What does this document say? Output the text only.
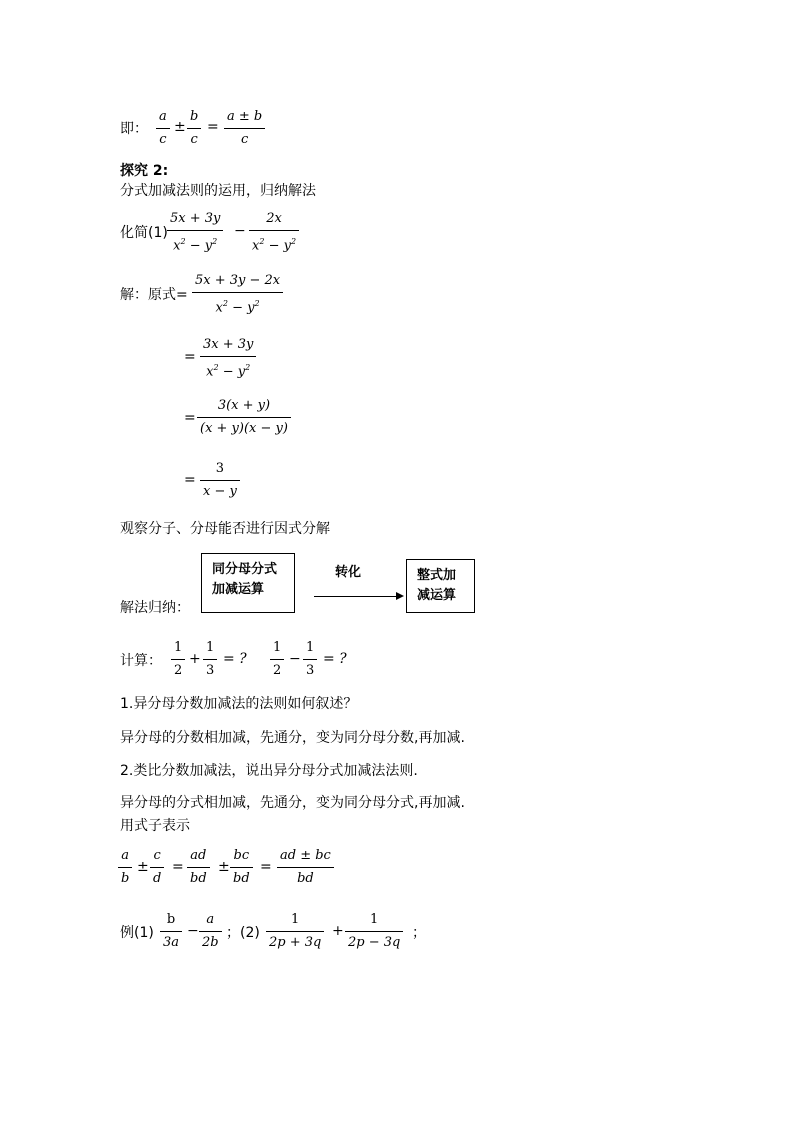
即：
a
c
±
b
c
=
a ± b
c
探究 2:
分式加减法则的运用，归纳解法
化简(1)
5x + 3y
$x^2 - y^2$
−
2x
$x^2 - y^2$
解：原式=
5x + 3y − 2x
$x^2 - y^2$
=
3x + 3y
$x^2 - y^2$
=
3(x + y)
(x + y)(x − y)
=
3
x − y
观察分子、分母能否进行因式分解
同分母分式
加减运算
转化	整式加
减运算
解法归纳：
计算：
1
2
+
1
3
= ?
1
2
−
1
3
= ?
1.异分母分数加减法的法则如何叙述？
异分母的分数相加减，先通分，变为同分母分数,再加减.
2.类比分数加减法，说出异分母分式加减法法则.
异分母的分式相加减，先通分，变为同分母分式,再加减.
用式子表示
a
b
±
c
d
=
ad
bd
±
bc
bd
=
ad ± bc
bd
例(1)
b
3a
−
a
2b
；(2)
1
2p + 3q
+
1
2p − 3q
；
